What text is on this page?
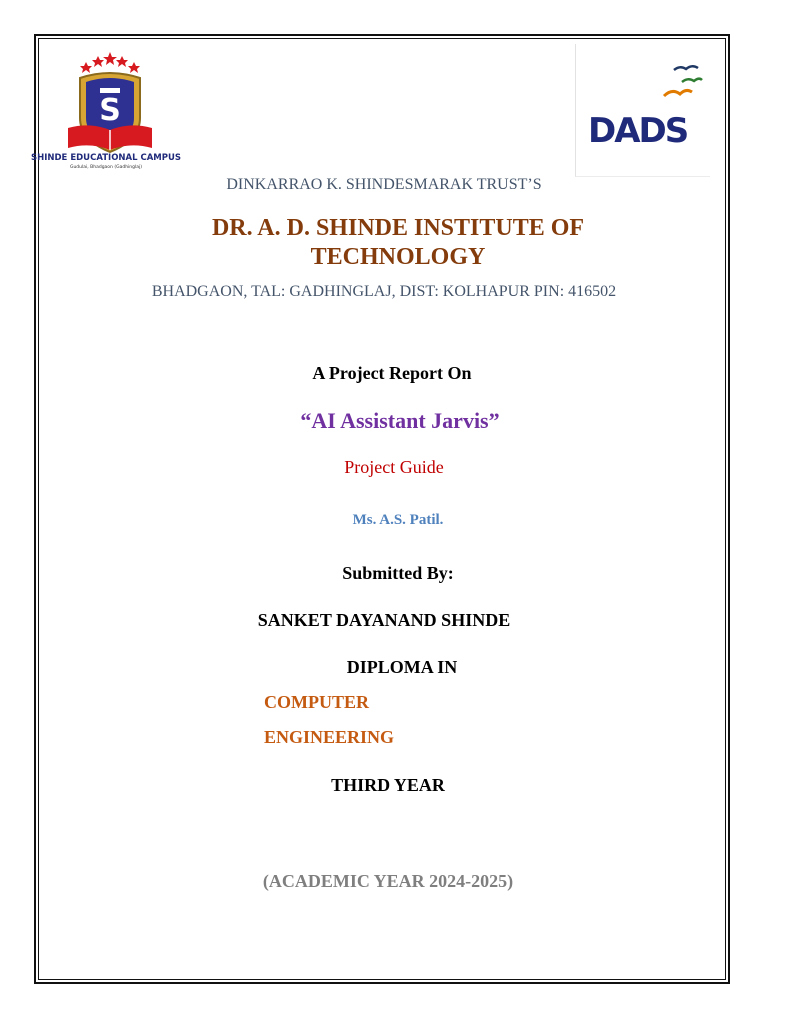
S
SHINDE EDUCATIONAL CAMPUS
Gudulai, Bhadgaon (Gadhinglaj)
DADS
DINKARRAO K. SHINDESMARAK TRUST’S
DR. A. D. SHINDE INSTITUTE OF TECHNOLOGY
BHADGAON, TAL: GADHINGLAJ, DIST: KOLHAPUR PIN: 416502
A Project Report On
“AI Assistant Jarvis”
Project Guide
Ms. A.S. Patil.
Submitted By:
SANKET DAYANAND SHINDE
DIPLOMA IN
COMPUTER
ENGINEERING
THIRD YEAR
(ACADEMIC YEAR 2024-2025)
